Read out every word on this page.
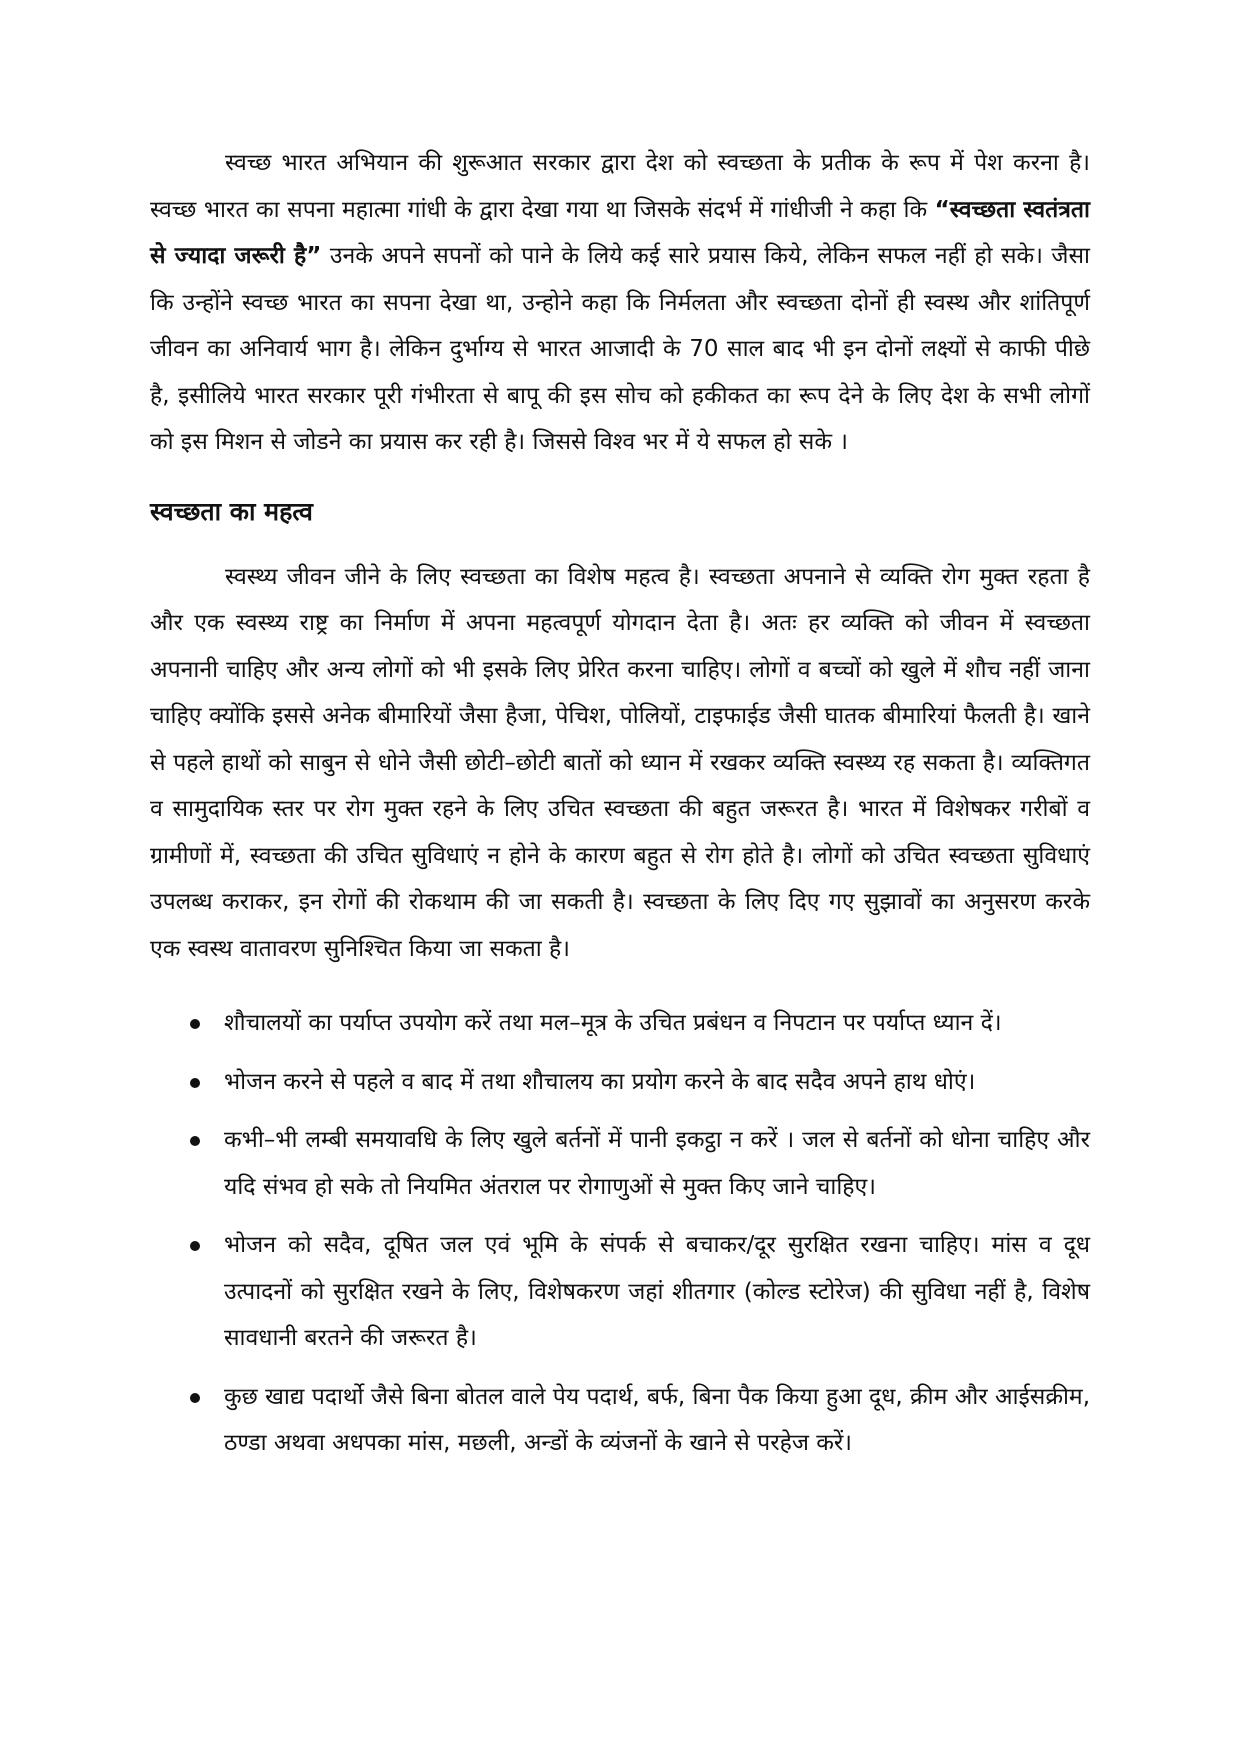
स्वच्छ भारत अभियान की शुरूआत सरकार द्वारा देश को स्वच्छता के प्रतीक के रूप में पेश करना है। स्वच्छ भारत का सपना महात्मा गांधी के द्वारा देखा गया था जिसके संदर्भ में गांधीजी ने कहा कि “स्वच्छता स्वतंत्रता से ज्यादा जरूरी है” उनके अपने सपनों को पाने के लिये कई सारे प्रयास किये, लेकिन सफल नहीं हो सके। जैसा कि उन्होंने स्वच्छ भारत का सपना देखा था, उन्होने कहा कि निर्मलता और स्वच्छता दोनों ही स्वस्थ और शांतिपूर्ण जीवन का अनिवार्य भाग है। लेकिन दुर्भाग्य से भारत आजादी के 70 साल बाद भी इन दोनों लक्ष्यों से काफी पीछे है, इसीलिये भारत सरकार पूरी गंभीरता से बापू की इस सोच को हकीकत का रूप देने के लिए देश के सभी लोगों को इस मिशन से जोडने का प्रयास कर रही है। जिससे विश्व भर में ये सफल हो सके ।

स्वच्छता का महत्व

स्वस्थ्य जीवन जीने के लिए स्वच्छता का विशेष महत्व है। स्वच्छता अपनाने से व्यक्ति रोग मुक्त रहता है और एक स्वस्थ्य राष्ट्र का निर्माण में अपना महत्वपूर्ण योगदान देता है। अतः हर व्यक्ति को जीवन में स्वच्छता अपनानी चाहिए और अन्य लोगों को भी इसके लिए प्रेरित करना चाहिए। लोगों व बच्चों को खुले में शौच नहीं जाना चाहिए क्योंकि इससे अनेक बीमारियों जैसा हैजा, पेचिश, पोलियों, टाइफाईड जैसी घातक बीमारियां फैलती है। खाने से पहले हाथों को साबुन से धोने जैसी छोटी–छोटी बातों को ध्यान में रखकर व्यक्ति स्वस्थ्य रह सकता है। व्यक्तिगत व सामुदायिक स्तर पर रोग मुक्त रहने के लिए उचित स्वच्छता की बहुत जरूरत है। भारत में विशेषकर गरीबों व ग्रामीणों में, स्वच्छता की उचित सुविधाएं न होने के कारण बहुत से रोग होते है। लोगों को उचित स्वच्छता सुविधाएं उपलब्ध कराकर, इन रोगों की रोकथाम की जा सकती है। स्वच्छता के लिए दिए गए सुझावों का अनुसरण करके एक स्वस्थ वातावरण सुनिश्चित किया जा सकता है।

शौचालयों का पर्याप्त उपयोग करें तथा मल–मूत्र के उचित प्रबंधन व निपटान पर पर्याप्त ध्यान दें।
भोजन करने से पहले व बाद में तथा शौचालय का प्रयोग करने के बाद सदैव अपने हाथ धोएं।
कभी–भी लम्बी समयावधि के लिए खुले बर्तनों में पानी इकट्ठा न करें । जल से बर्तनों को धोना चाहिए और यदि संभव हो सके तो नियमित अंतराल पर रोगाणुओं से मुक्त किए जाने चाहिए।
भोजन को सदैव, दूषित जल एवं भूमि के संपर्क से बचाकर/दूर सुरक्षित रखना चाहिए। मांस व दूध उत्पादनों को सुरक्षित रखने के लिए, विशेषकरण जहां शीतगार (कोल्ड स्टोरेज) की सुविधा नहीं है, विशेष सावधानी बरतने की जरूरत है।
कुछ खाद्य पदार्थो जैसे बिना बोतल वाले पेय पदार्थ, बर्फ, बिना पैक किया हुआ दूध, क्रीम और आईसक्रीम, ठण्डा अथवा अधपका मांस, मछली, अन्डों के व्यंजनों के खाने से परहेज करें।
